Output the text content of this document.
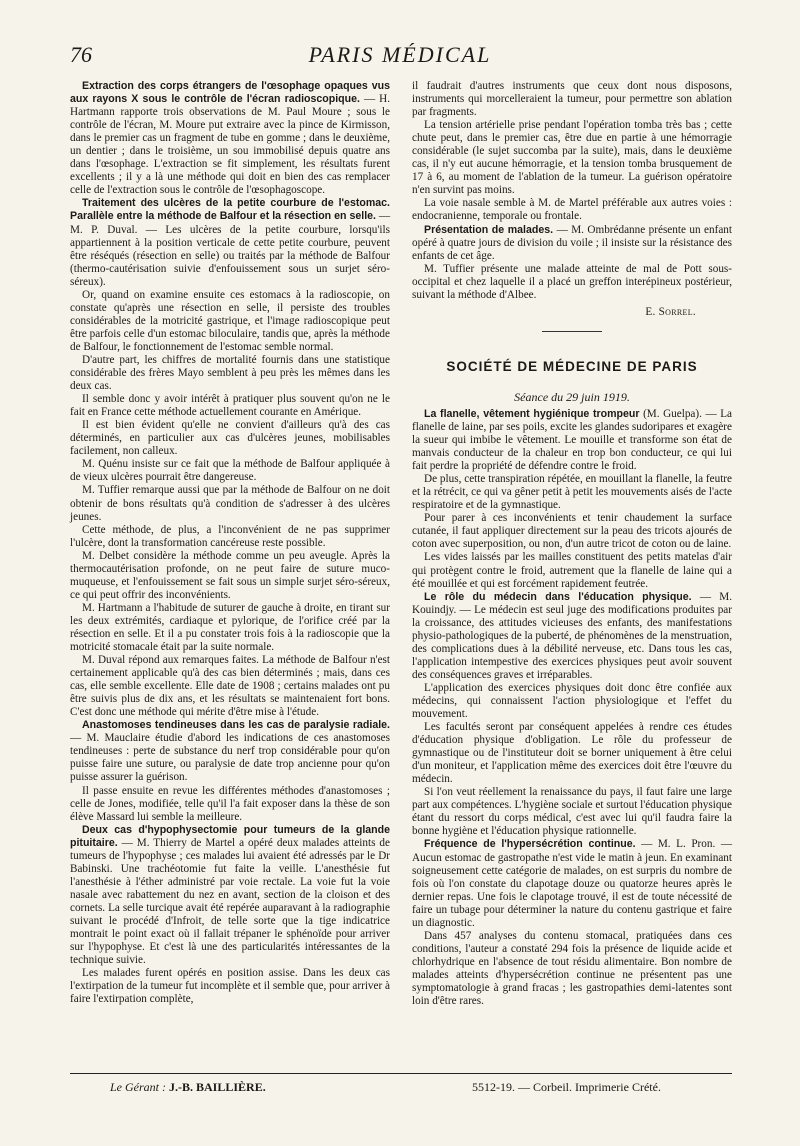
76	PARIS MÉDICAL

Extraction des corps étrangers de l'œsophage opaques vus aux rayons X sous le contrôle de l'écran radioscopique. — H. Hartmann rapporte trois observations de M. Paul Moure ; sous le contrôle de l'écran, M. Moure put extraire avec la pince de Kirmisson, dans le premier cas un fragment de tube en gomme ; dans le deuxième, un dentier ; dans le troisième, un sou immobilisé depuis quatre ans dans l'œsophage. L'extraction se fit simplement, les résultats furent excellents ; il y a là une méthode qui doit en bien des cas remplacer celle de l'extraction sous le contrôle de l'œsophagoscope.

Traitement des ulcères de la petite courbure de l'estomac. Parallèle entre la méthode de Balfour et la résection en selle. — M. P. Duval. — Les ulcères de la petite courbure, lorsqu'ils appartiennent à la position verticale de cette petite courbure, peuvent être réséqués (résection en selle) ou traités par la méthode de Balfour (thermo-cautérisation suivie d'enfouissement sous un surjet séro-séreux).

Or, quand on examine ensuite ces estomacs à la radioscopie, on constate qu'après une résection en selle, il persiste des troubles considérables de la motricité gastrique, et l'image radioscopique peut être parfois celle d'un estomac biloculaire, tandis que, après la méthode de Balfour, le fonctionnement de l'estomac semble normal.

D'autre part, les chiffres de mortalité fournis dans une statistique considérable des frères Mayo semblent à peu près les mêmes dans les deux cas.

Il semble donc y avoir intérêt à pratiquer plus souvent qu'on ne le fait en France cette méthode actuellement courante en Amérique.

Il est bien évident qu'elle ne convient d'ailleurs qu'à des cas déterminés, en particulier aux cas d'ulcères jeunes, mobilisables facilement, non calleux.

M. Quénu insiste sur ce fait que la méthode de Balfour appliquée à de vieux ulcères pourrait être dangereuse.

M. Tuffier remarque aussi que par la méthode de Balfour on ne doit obtenir de bons résultats qu'à condition de s'adresser à des ulcères jeunes.

Cette méthode, de plus, a l'inconvénient de ne pas supprimer l'ulcère, dont la transformation cancéreuse reste possible.

M. Delbet considère la méthode comme un peu aveugle. Après la thermocautérisation profonde, on ne peut faire de suture muco-muqueuse, et l'enfouissement se fait sous un simple surjet séro-séreux, ce qui peut offrir des inconvénients.

M. Hartmann a l'habitude de suturer de gauche à droite, en tirant sur les deux extrémités, cardiaque et pylorique, de l'orifice créé par la résection en selle. Et il a pu constater trois fois à la radioscopie que la motricité stomacale était par la suite normale.

M. Duval répond aux remarques faites. La méthode de Balfour n'est certainement applicable qu'à des cas bien déterminés ; mais, dans ces cas, elle semble excellente. Elle date de 1908 ; certains malades ont pu être suivis plus de dix ans, et les résultats se maintenaient fort bons. C'est donc une méthode qui mérite d'être mise à l'étude.

Anastomoses tendineuses dans les cas de paralysie radiale. — M. Mauclaire étudie d'abord les indications de ces anastomoses tendineuses : perte de substance du nerf trop considérable pour qu'on puisse faire une suture, ou paralysie de date trop ancienne pour qu'on puisse assurer la guérison.

Il passe ensuite en revue les différentes méthodes d'anastomoses ; celle de Jones, modifiée, telle qu'il l'a fait exposer dans la thèse de son élève Massard lui semble la meilleure.

Deux cas d'hypophysectomie pour tumeurs de la glande pituitaire. — M. Thierry de Martel a opéré deux malades atteints de tumeurs de l'hypophyse ; ces malades lui avaient été adressés par le Dr Babinski. Une trachéotomie fut faite la veille. L'anesthésie fut l'anesthésie à l'éther administré par voie rectale. La voie fut la voie nasale avec rabattement du nez en avant, section de la cloison et des cornets. La selle turcique avait été repérée auparavant à la radiographie suivant le procédé d'Infroit, de telle sorte que la tige indicatrice montrait le point exact où il fallait trépaner le sphénoïde pour arriver sur l'hypophyse. Et c'est là une des particularités intéressantes de la technique suivie.

Les malades furent opérés en position assise. Dans les deux cas l'extirpation de la tumeur fut incomplète et il semble que, pour arriver à faire l'extirpation complète,

il faudrait d'autres instruments que ceux dont nous disposons, instruments qui morcelleraient la tumeur, pour permettre son ablation par fragments.

La tension artérielle prise pendant l'opération tomba très bas ; cette chute peut, dans le premier cas, être due en partie à une hémorragie considérable (le sujet succomba par la suite), mais, dans le deuxième cas, il n'y eut aucune hémorragie, et la tension tomba brusquement de 17 à 6, au moment de l'ablation de la tumeur. La guérison opératoire n'en survint pas moins.

La voie nasale semble à M. de Martel préférable aux autres voies : endocranienne, temporale ou frontale.

Présentation de malades. — M. Ombrédanne présente un enfant opéré à quatre jours de division du voile ; il insiste sur la résistance des enfants de cet âge.

M. Tuffier présente une malade atteinte de mal de Pott sous-occipital et chez laquelle il a placé un greffon interépineux postérieur, suivant la méthode d'Albee.

E. Sorrel.
SOCIÉTÉ DE MÉDECINE DE PARIS
Séance du 29 juin 1919.

La flanelle, vêtement hygiénique trompeur (M. Guelpa). — La flanelle de laine, par ses poils, excite les glandes sudoripares et exagère la sueur qui imbibe le vêtement. Le mouille et transforme son état de manvais conducteur de la chaleur en trop bon conducteur, ce qui lui fait perdre la propriété de défendre contre le froid.

De plus, cette transpiration répétée, en mouillant la flanelle, la feutre et la rétrécit, ce qui va gêner petit à petit les mouvements aisés de l'acte respiratoire et de la gymnastique.

Pour parer à ces inconvénients et tenir chaudement la surface cutanée, il faut appliquer directement sur la peau des tricots ajourés de coton avec superposition, ou non, d'un autre tricot de coton ou de laine.

Les vides laissés par les mailles constituent des petits matelas d'air qui protègent contre le froid, autrement que la flanelle de laine qui a été mouillée et qui est forcément rapidement feutrée.

Le rôle du médecin dans l'éducation physique. — M. Kouindjy. — Le médecin est seul juge des modifications produites par la croissance, des attitudes vicieuses des enfants, des manifestations physio-pathologiques de la puberté, de phénomènes de la menstruation, des complications dues à la débilité nerveuse, etc. Dans tous les cas, l'application intempestive des exercices physiques peut avoir souvent des conséquences graves et irréparables.

L'application des exercices physiques doit donc être confiée aux médecins, qui connaissent l'action physiologique et l'effet du mouvement.

Les facultés seront par conséquent appelées à rendre ces études d'éducation physique d'obligation. Le rôle du professeur de gymnastique ou de l'instituteur doit se borner uniquement à être celui d'un moniteur, et l'application même des exercices doit être l'œuvre du médecin.

Si l'on veut réellement la renaissance du pays, il faut faire une large part aux compétences. L'hygiène sociale et surtout l'éducation physique étant du ressort du corps médical, c'est avec lui qu'il faudra faire la bonne hygiène et l'éducation physique rationnelle.

Fréquence de l'hypersécrétion continue. — M. L. Pron. — Aucun estomac de gastropathe n'est vide le matin à jeun. En examinant soigneusement cette catégorie de malades, on est surpris du nombre de fois où l'on constate du clapotage douze ou quatorze heures après le dernier repas. Une fois le clapotage trouvé, il est de toute nécessité de faire un tubage pour déterminer la nature du contenu gastrique et faire un diagnostic.

Dans 457 analyses du contenu stomacal, pratiquées dans ces conditions, l'auteur a constaté 294 fois la présence de liquide acide et chlorhydrique en l'absence de tout résidu alimentaire. Bon nombre de malades atteints d'hypersécrétion continue ne présentent pas une symptomatologie à grand fracas ; les gastropathies demi-latentes sont loin d'être rares.

Le Gérant : J.-B. BAILLIÈRE.	5512-19. — Corbeil. Imprimerie Crété.
